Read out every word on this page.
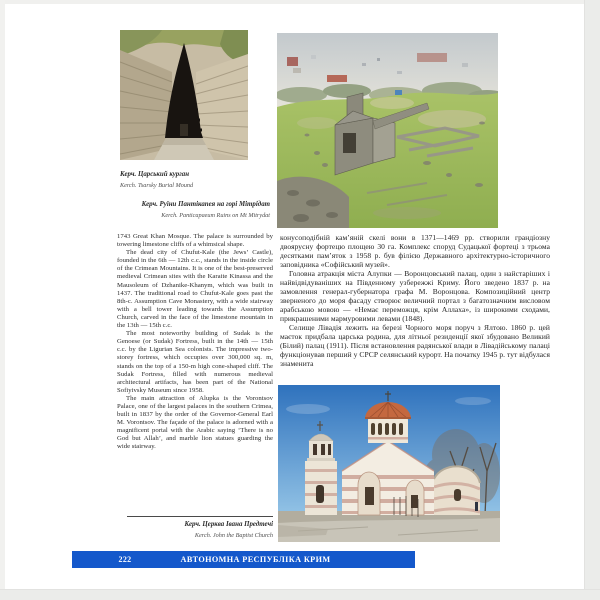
Керч. Царський курган
Kerch. Tsarsky Burial Mound
Керч. Руїни Пантікапея на горі Мітрідат
Kerch. Panticapaeum Ruins on Mt Mitrydat

1743 Great Khan Mosque. The palace is surrounded by towering limestone cliffs of a whimsical shape.

The dead city of Chufut-Kale (the Jews’ Castle), founded in the 6th — 12th c.c., stands in the inside circle of the Crimean Mountains. It is one of the best-preserved medieval Crimean sites with the Karaite Kinassa and the Mausoleum of Dzhanike-Khanym, which was built in 1437. The traditional road to Chufut-Kale goes past the 8th-c. Assumption Cave Monastery, with a wide stairway with a bell tower leading towards the Assumption Church, carved in the face of the limestone mountain in the 13th — 15th c.c.

The most noteworthy building of Sudak is the Genoese (or Sudak) Fortress, built in the 14th — 15th c.c. by the Ligurian Sea colonists. The impressive two-storey fortress, which occupies over 300,000 sq. m, stands on the top of a 150-m high cone-shaped cliff. The Sudak Fortress, filled with numerous medieval architectural artifacts, has been part of the National Sofiyivsky Museum since 1958.

The main attraction of Alupka is the Vorontsov Palace, one of the largest palaces in the southern Crimea, built in 1837 by the order of the Governor-General Earl M. Vorontsov. The façade of the palace is adorned with a magnificent portal with the Arabic saying ‘There is no God but Allah’, and marble lion statues guarding the wide stairway.

конусоподібній кам’яній скелі вони в 1371—1469 рр. створили грандіозну двоярусну фортецю площею 30 га. Комплекс споруд Судацької фортеці з трьома десятками пам’яток з 1958 р. був філією Державного архітектурно-історичного заповідника «Софійський музей».

Головна атракція міста Алупки — Воронцовський палац, один з найстаріших і найвідвідуваніших на Південному узбережжі Криму. Його зведено 1837 р. на замовлення генерал-губернатора графа М. Воронцова. Композиційний центр зверненого до моря фасаду створює величний портал з багатозначним висловом арабською мовою — «Немає переможця, крім Аллаха», із широкими сходами, прикрашеними мармуровими левами (1848).

Селище Лівадія лежить на березі Чорного моря поруч з Ялтою. 1860 р. цей маєток придбала царська родина, для літньої резиденції якої збудовано Великий (Білий) палац (1911). Після встановлення радянської влади в Лівадійському палаці функціонував перший у СРСР селянський курорт. На початку 1945 р. тут відбулася знаменита

Керч. Церква Івана Предтечі
Kerch. John the Baptist Church
222	АВТОНОМНА РЕСПУБЛІКА КРИМ
